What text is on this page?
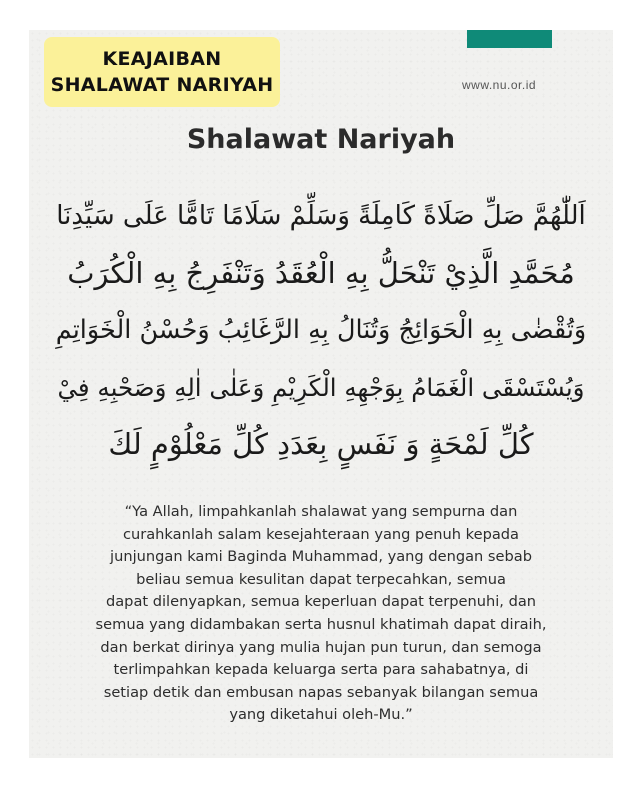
KEAJAIBAN
SHALAWAT NARIYAH	www.nu.or.id
Shalawat Nariyah
اَللّٰهُمَّ صَلِّ صَلَاةً كَامِلَةً وَسَلِّمْ سَلَامًا تَامًّا عَلَى سَيِّدِنَا
مُحَمَّدِ الَّذِيْ تَنْحَلُّ بِهِ الْعُقَدُ وَتَنْفَرِجُ بِهِ الْكُرَبُ
وَتُقْضٰى بِهِ الْحَوَائِجُ وَتُنَالُ بِهِ الرَّغَائِبُ وَحُسْنُ الْخَوَاتِمِ
وَيُسْتَسْقَى الْغَمَامُ بِوَجْهِهِ الْكَرِيْمِ وَعَلٰى اٰلِهِ وَصَحْبِهِ فِيْ
كُلِّ لَمْحَةٍ وَ نَفَسٍ بِعَدَدِ كُلِّ مَعْلُوْمٍ لَكَ
“Ya Allah, limpahkanlah shalawat yang sempurna dan
curahkanlah salam kesejahteraan yang penuh kepada
junjungan kami Baginda Muhammad, yang dengan sebab
beliau semua kesulitan dapat terpecahkan, semua
dapat dilenyapkan, semua keperluan dapat terpenuhi, dan
semua yang didambakan serta husnul khatimah dapat diraih,
dan berkat dirinya yang mulia hujan pun turun, dan semoga
terlimpahkan kepada keluarga serta para sahabatnya, di
setiap detik dan embusan napas sebanyak bilangan semua
yang diketahui oleh-Mu.”
